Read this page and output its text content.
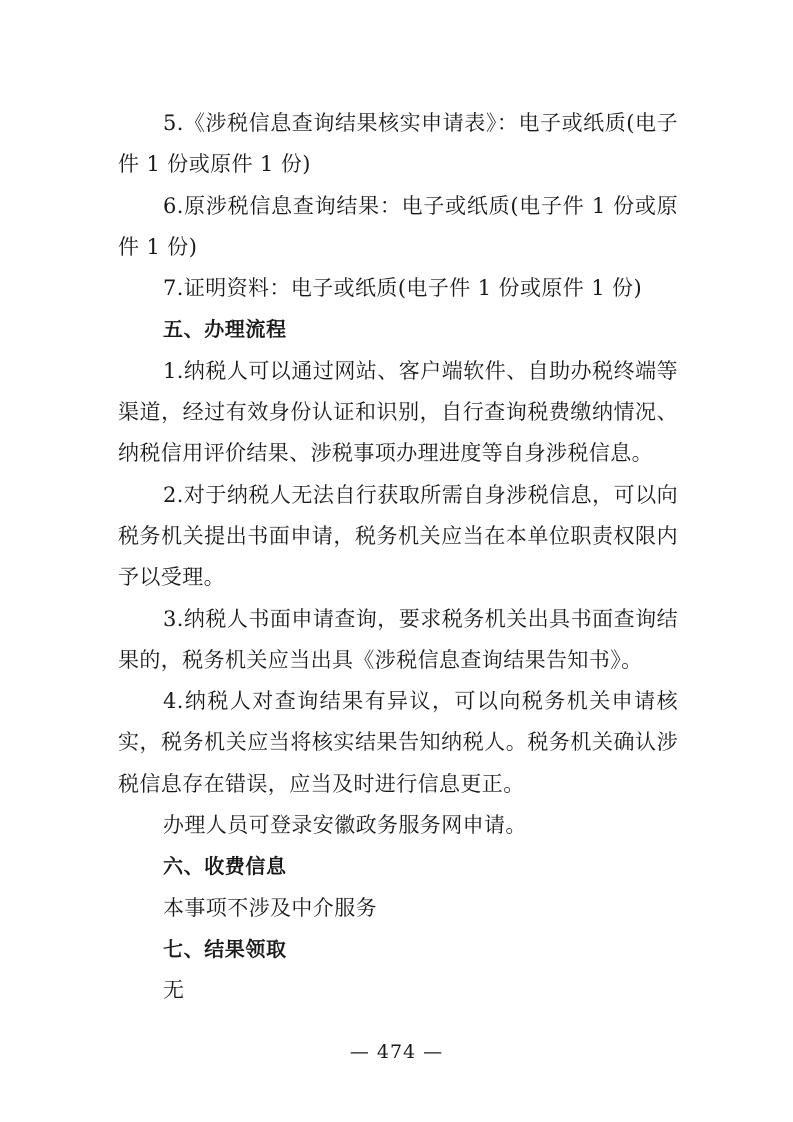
5.《涉税信息查询结果核实申请表》：电子或纸质(电子件 1 份或原件 1 份)

6.原涉税信息查询结果：电子或纸质(电子件 1 份或原件 1 份)

7.证明资料：电子或纸质(电子件 1 份或原件 1 份)

五、办理流程

1.纳税人可以通过网站、客户端软件、自助办税终端等渠道，经过有效身份认证和识别，自行查询税费缴纳情况、纳税信用评价结果、涉税事项办理进度等自身涉税信息。

2.对于纳税人无法自行获取所需自身涉税信息，可以向税务机关提出书面申请，税务机关应当在本单位职责权限内予以受理。

3.纳税人书面申请查询，要求税务机关出具书面查询结果的，税务机关应当出具《涉税信息查询结果告知书》。

4.纳税人对查询结果有异议，可以向税务机关申请核实，税务机关应当将核实结果告知纳税人。税务机关确认涉税信息存在错误，应当及时进行信息更正。

办理人员可登录安徽政务服务网申请。

六、收费信息

本事项不涉及中介服务

七、结果领取

无

— 474 —
